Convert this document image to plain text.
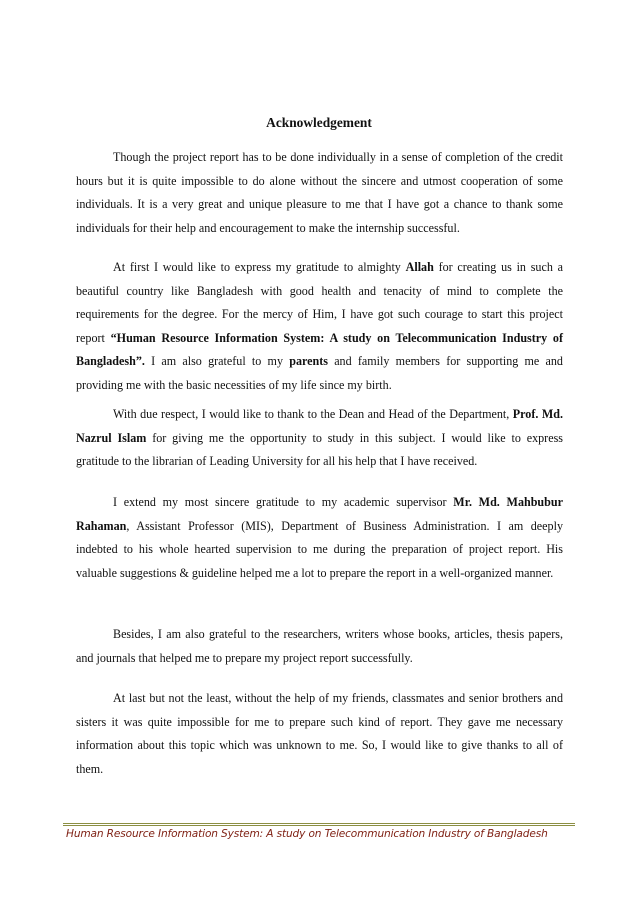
Acknowledgement

Though the project report has to be done individually in a sense of completion of the credit hours but it is quite impossible to do alone without the sincere and utmost cooperation of some individuals. It is a very great and unique pleasure to me that I have got a chance to thank some individuals for their help and encouragement to make the internship successful.

At first I would like to express my gratitude to almighty Allah for creating us in such a beautiful country like Bangladesh with good health and tenacity of mind to complete the requirements for the degree. For the mercy of Him, I have got such courage to start this project report “Human Resource Information System: A study on Telecommunication Industry of Bangladesh”. I am also grateful to my parents and family members for supporting me and providing me with the basic necessities of my life since my birth.

With due respect, I would like to thank to the Dean and Head of the Department, Prof. Md. Nazrul Islam for giving me the opportunity to study in this subject. I would like to express gratitude to the librarian of Leading University for all his help that I have received.

I extend my most sincere gratitude to my academic supervisor Mr. Md. Mahbubur Rahaman, Assistant Professor (MIS), Department of Business Administration. I am deeply indebted to his whole hearted supervision to me during the preparation of project report. His valuable suggestions & guideline helped me a lot to prepare the report in a well-organized manner.

Besides, I am also grateful to the researchers, writers whose books, articles, thesis papers, and journals that helped me to prepare my project report successfully.

At last but not the least, without the help of my friends, classmates and senior brothers and sisters it was quite impossible for me to prepare such kind of report. They gave me necessary information about this topic which was unknown to me. So, I would like to give thanks to all of them.

Human Resource Information System: A study on Telecommunication Industry of Bangladesh
